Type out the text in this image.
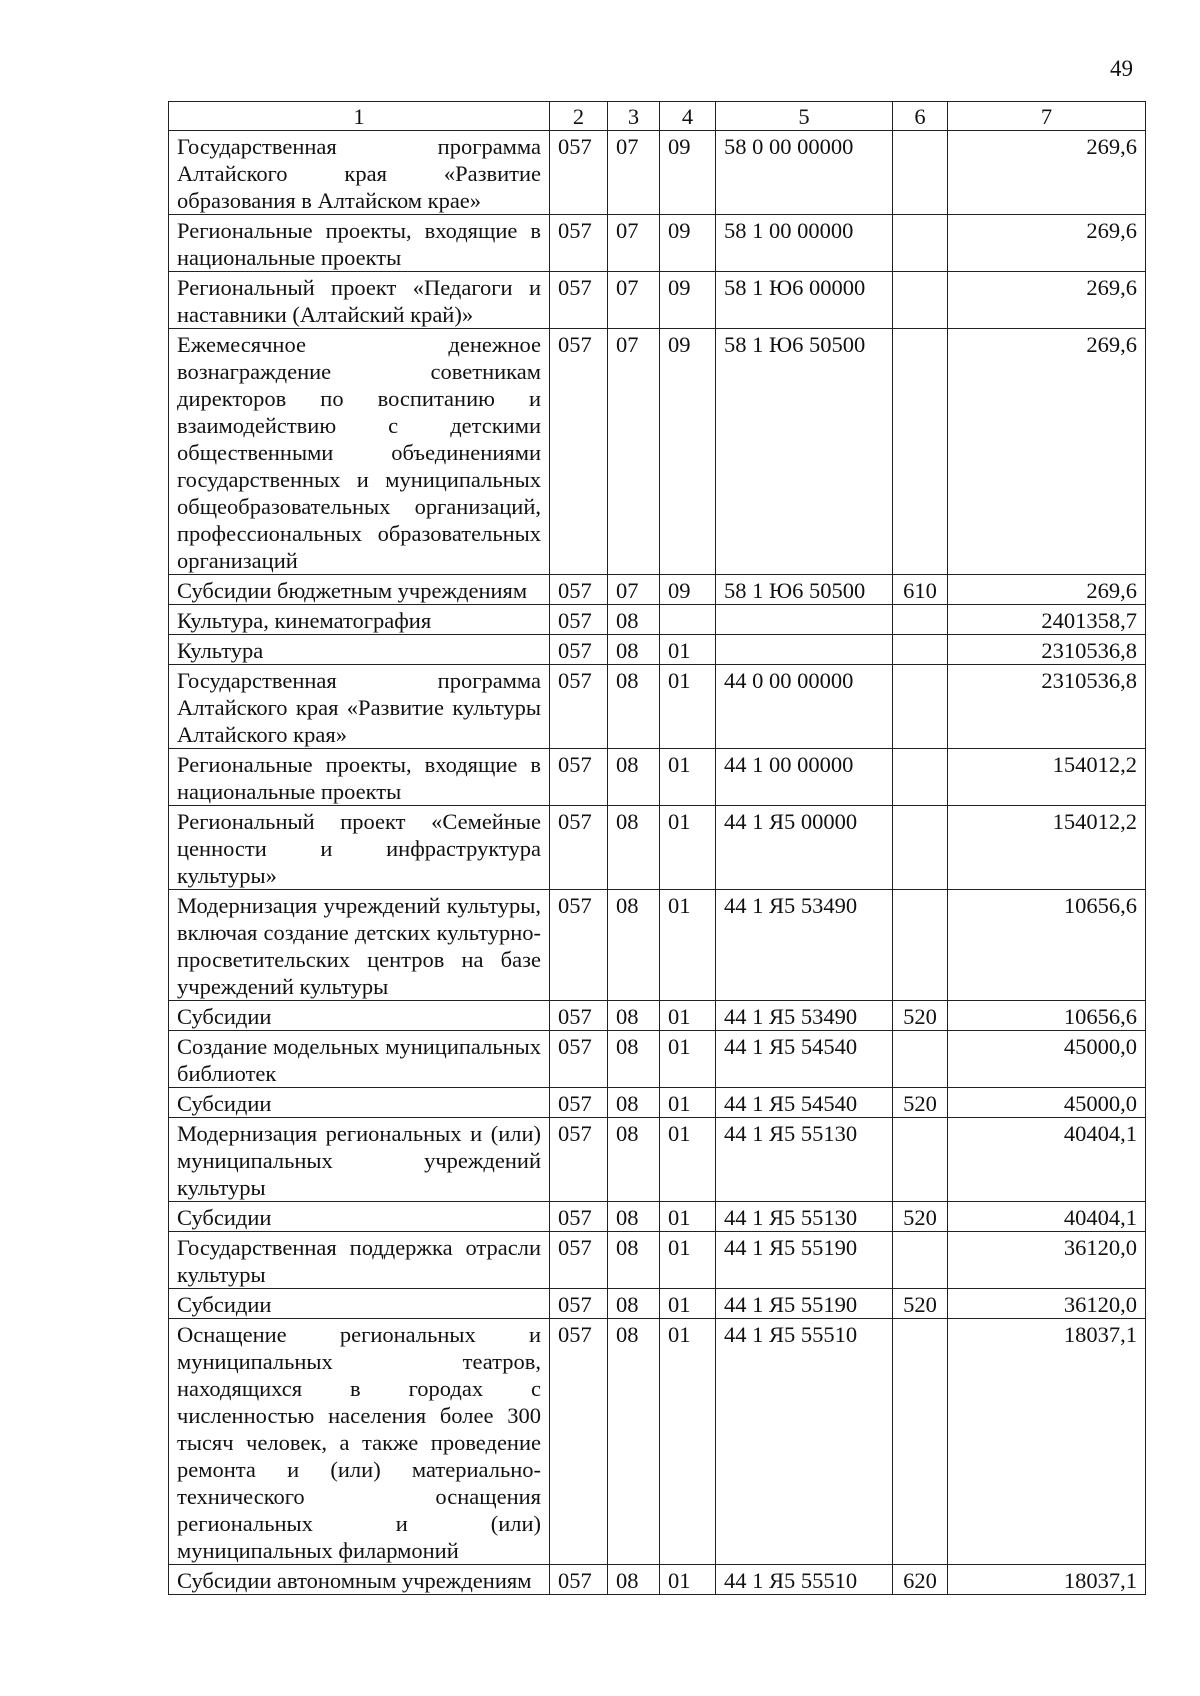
49
1	2	3	4	5	6	7
Государственная программа Алтайского края «Развитие образования в Алтайском крае»	057	07	09	58 0 00 00000		269,6
Региональные проекты, входящие в национальные проекты	057	07	09	58 1 00 00000		269,6
Региональный проект «Педагоги и наставники (Алтайский край)»	057	07	09	58 1 Ю6 00000		269,6
Ежемесячное денежное вознаграждение советникам директоров по воспитанию и взаимодействию с детскими общественными объединениями государственных и муниципальных общеобразовательных организаций, профессиональных образовательных организаций	057	07	09	58 1 Ю6 50500		269,6
Субсидии бюджетным учреждениям	057	07	09	58 1 Ю6 50500	610	269,6
Культура, кинематография	057	08				2401358,7
Культура	057	08	01			2310536,8
Государственная программа Алтайского края «Развитие культуры Алтайского края»	057	08	01	44 0 00 00000		2310536,8
Региональные проекты, входящие в национальные проекты	057	08	01	44 1 00 00000		154012,2
Региональный проект «Семейные ценности и инфраструктура культуры»	057	08	01	44 1 Я5 00000		154012,2
Модернизация учреждений культуры, включая создание детских культурно-просветительских центров на базе учреждений культуры	057	08	01	44 1 Я5 53490		10656,6
Субсидии	057	08	01	44 1 Я5 53490	520	10656,6
Создание модельных муниципальных библиотек	057	08	01	44 1 Я5 54540		45000,0
Субсидии	057	08	01	44 1 Я5 54540	520	45000,0
Модернизация региональных и (или) муниципальных учреждений культуры	057	08	01	44 1 Я5 55130		40404,1
Субсидии	057	08	01	44 1 Я5 55130	520	40404,1
Государственная поддержка отрасли культуры	057	08	01	44 1 Я5 55190		36120,0
Субсидии	057	08	01	44 1 Я5 55190	520	36120,0
Оснащение региональных и муниципальных театров, находящихся в городах с численностью населения более 300 тысяч человек, а также проведение ремонта и (или) материально-технического оснащения региональных и (или) муниципальных филармоний	057	08	01	44 1 Я5 55510		18037,1
Субсидии автономным учреждениям	057	08	01	44 1 Я5 55510	620	18037,1
